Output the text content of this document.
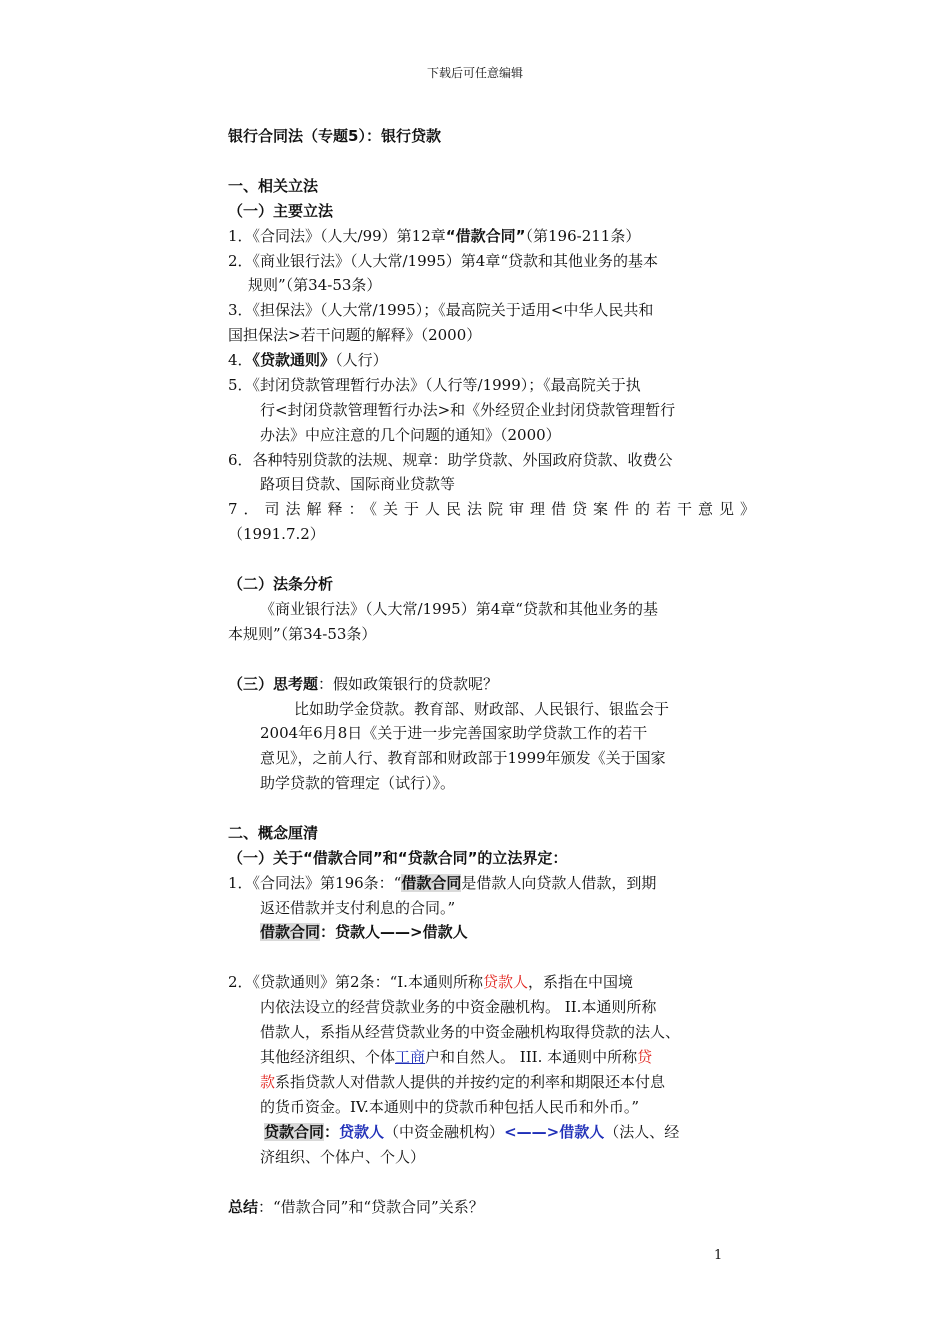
下载后可任意编辑
银行合同法（专题5）：银行贷款
一、相关立法
（一）主要立法
1．《合同法》（人大/99）第12章“借款合同”（第196-211条）
2．《商业银行法》（人大常/1995）第4章“贷款和其他业务的基本
规则”（第34-53条）
3．《担保法》（人大常/1995）；《最高院关于适用<中华人民共和
国担保法>若干问题的解释》（2000）
4．《贷款通则》（人行）
5．《封闭贷款管理暂行办法》（人行等/1999）；《最高院关于执
行<封闭贷款管理暂行办法>和《外经贸企业封闭贷款管理暂行
办法》中应注意的几个问题的通知》（2000）
6．各种特别贷款的法规、规章：助学贷款、外国政府贷款、收费公
路项目贷款、国际商业贷款等
7．司法解释：《关于人民法院审理借贷案件的若干意见》
（1991.7.2）
（二）法条分析
《商业银行法》（人大常/1995）第4章“贷款和其他业务的基
本规则”（第34-53条）
（三）思考题：假如政策银行的贷款呢？
比如助学金贷款。教育部、财政部、人民银行、银监会于
2004年6月8日《关于进一步完善国家助学贷款工作的若干
意见》，之前人行、教育部和财政部于1999年颁发《关于国家
助学贷款的管理定（试行）》。
二、概念厘清
（一）关于“借款合同”和“贷款合同”的立法界定：
1．《合同法》第196条：“借款合同是借款人向贷款人借款，到期
返还借款并支付利息的合同。”
借款合同：贷款人——>借款人
2．《贷款通则》第2条：“I.本通则所称贷款人，系指在中国境
内依法设立的经营贷款业务的中资金融机构。 II.本通则所称
借款人，系指从经营贷款业务的中资金融机构取得贷款的法人、
其他经济组织、个体工商户和自然人。 III. 本通则中所称贷
款系指贷款人对借款人提供的并按约定的利率和期限还本付息
的货币资金。IV.本通则中的贷款币种包括人民币和外币。”
贷款合同：贷款人（中资金融机构）<——>借款人（法人、经
济组织、个体户、个人）
总结：“借款合同”和“贷款合同”关系？
1
